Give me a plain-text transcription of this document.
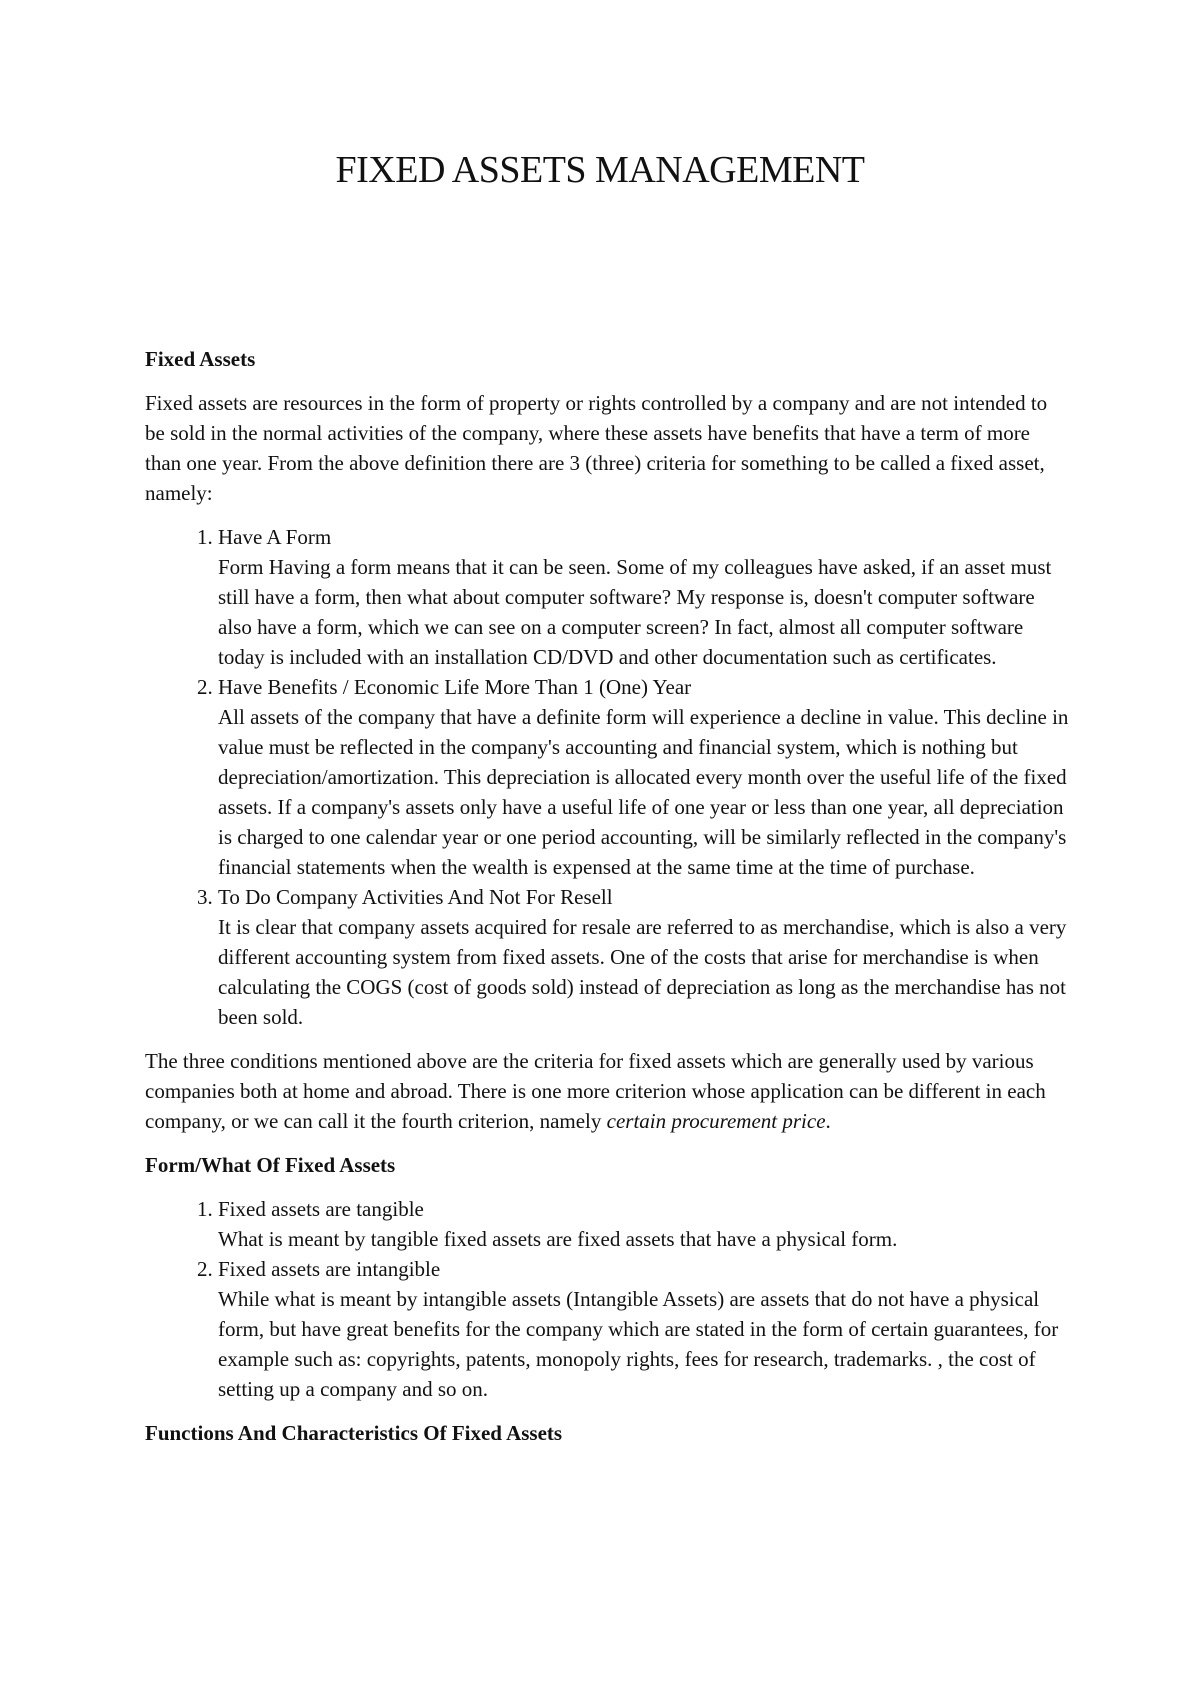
FIXED ASSETS MANAGEMENT
Fixed Assets

Fixed assets are resources in the form of property or rights controlled by a company and are not intended to be sold in the normal activities of the company, where these assets have benefits that have a term of more than one year. From the above definition there are 3 (three) criteria for something to be called a fixed asset, namely:

1. Have A Form
Form Having a form means that it can be seen. Some of my colleagues have asked, if an asset must still have a form, then what about computer software? My response is, doesn't computer software also have a form, which we can see on a computer screen? In fact, almost all computer software today is included with an installation CD/DVD and other documentation such as certificates.
2. Have Benefits / Economic Life More Than 1 (One) Year
All assets of the company that have a definite form will experience a decline in value. This decline in value must be reflected in the company's accounting and financial system, which is nothing but depreciation/amortization. This depreciation is allocated every month over the useful life of the fixed assets. If a company's assets only have a useful life of one year or less than one year, all depreciation is charged to one calendar year or one period accounting, will be similarly reflected in the company's financial statements when the wealth is expensed at the same time at the time of purchase.
3. To Do Company Activities And Not For Resell
It is clear that company assets acquired for resale are referred to as merchandise, which is also a very different accounting system from fixed assets. One of the costs that arise for merchandise is when calculating the COGS (cost of goods sold) instead of depreciation as long as the merchandise has not been sold.

The three conditions mentioned above are the criteria for fixed assets which are generally used by various companies both at home and abroad. There is one more criterion whose application can be different in each company, or we can call it the fourth criterion, namely certain procurement price.

Form/What Of Fixed Assets
1. Fixed assets are tangible
What is meant by tangible fixed assets are fixed assets that have a physical form.
2. Fixed assets are intangible
While what is meant by intangible assets (Intangible Assets) are assets that do not have a physical form, but have great benefits for the company which are stated in the form of certain guarantees, for example such as: copyrights, patents, monopoly rights, fees for research, trademarks. , the cost of setting up a company and so on.
Functions And Characteristics Of Fixed Assets
